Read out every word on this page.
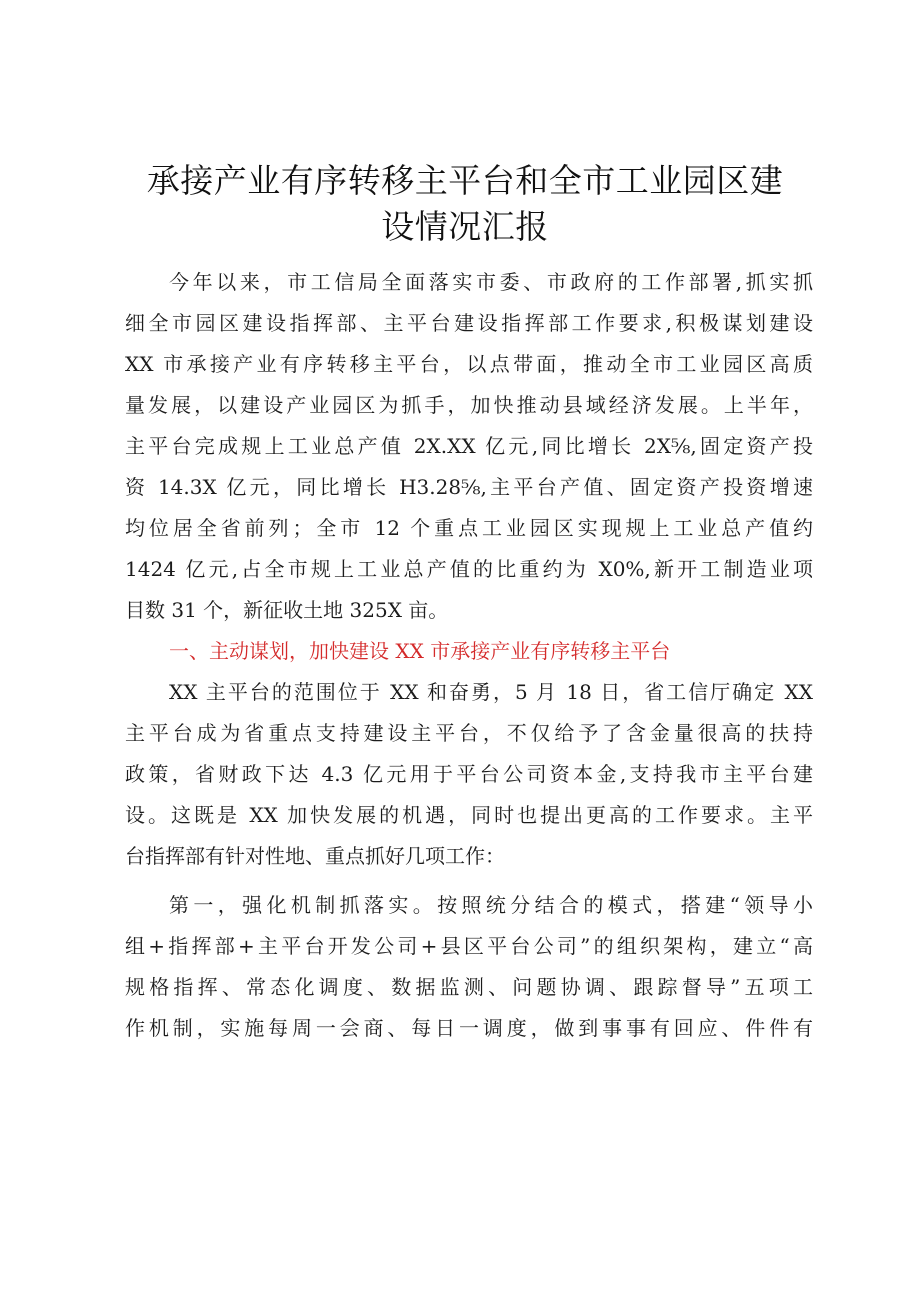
承接产业有序转移主平台和全市工业园区建
设情况汇报
今年以来，市工信局全面落实市委、市政府的工作部署,抓实抓
细全市园区建设指挥部、主平台建设指挥部工作要求,积极谋划建设
XX 市承接产业有序转移主平台，以点带面，推动全市工业园区高质
量发展，以建设产业园区为抓手，加快推动县域经济发展。上半年，
主平台完成规上工业总产值 2X.XX 亿元,同比增长 2X⅝,固定资产投
资 14.3X 亿元，同比增长 H3.28⅝,主平台产值、固定资产投资增速
均位居全省前列；全市 12 个重点工业园区实现规上工业总产值约
1424 亿元,占全市规上工业总产值的比重约为 X0%,新开工制造业项
目数 31 个，新征收土地 325X 亩。
一、主动谋划，加快建设 XX 市承接产业有序转移主平台
XX 主平台的范围位于 XX 和奋勇，5 月 18 日，省工信厅确定 XX
主平台成为省重点支持建设主平台，不仅给予了含金量很高的扶持
政策，省财政下达 4.3 亿元用于平台公司资本金,支持我市主平台建
设。这既是 XX 加快发展的机遇，同时也提出更高的工作要求。主平
台指挥部有针对性地、重点抓好几项工作：
第一，强化机制抓落实。按照统分结合的模式，搭建“领导小
组+指挥部+主平台开发公司+县区平台公司”的组织架构，建立“高
规格指挥、常态化调度、数据监测、问题协调、跟踪督导”五项工
作机制，实施每周一会商、每日一调度，做到事事有回应、件件有
